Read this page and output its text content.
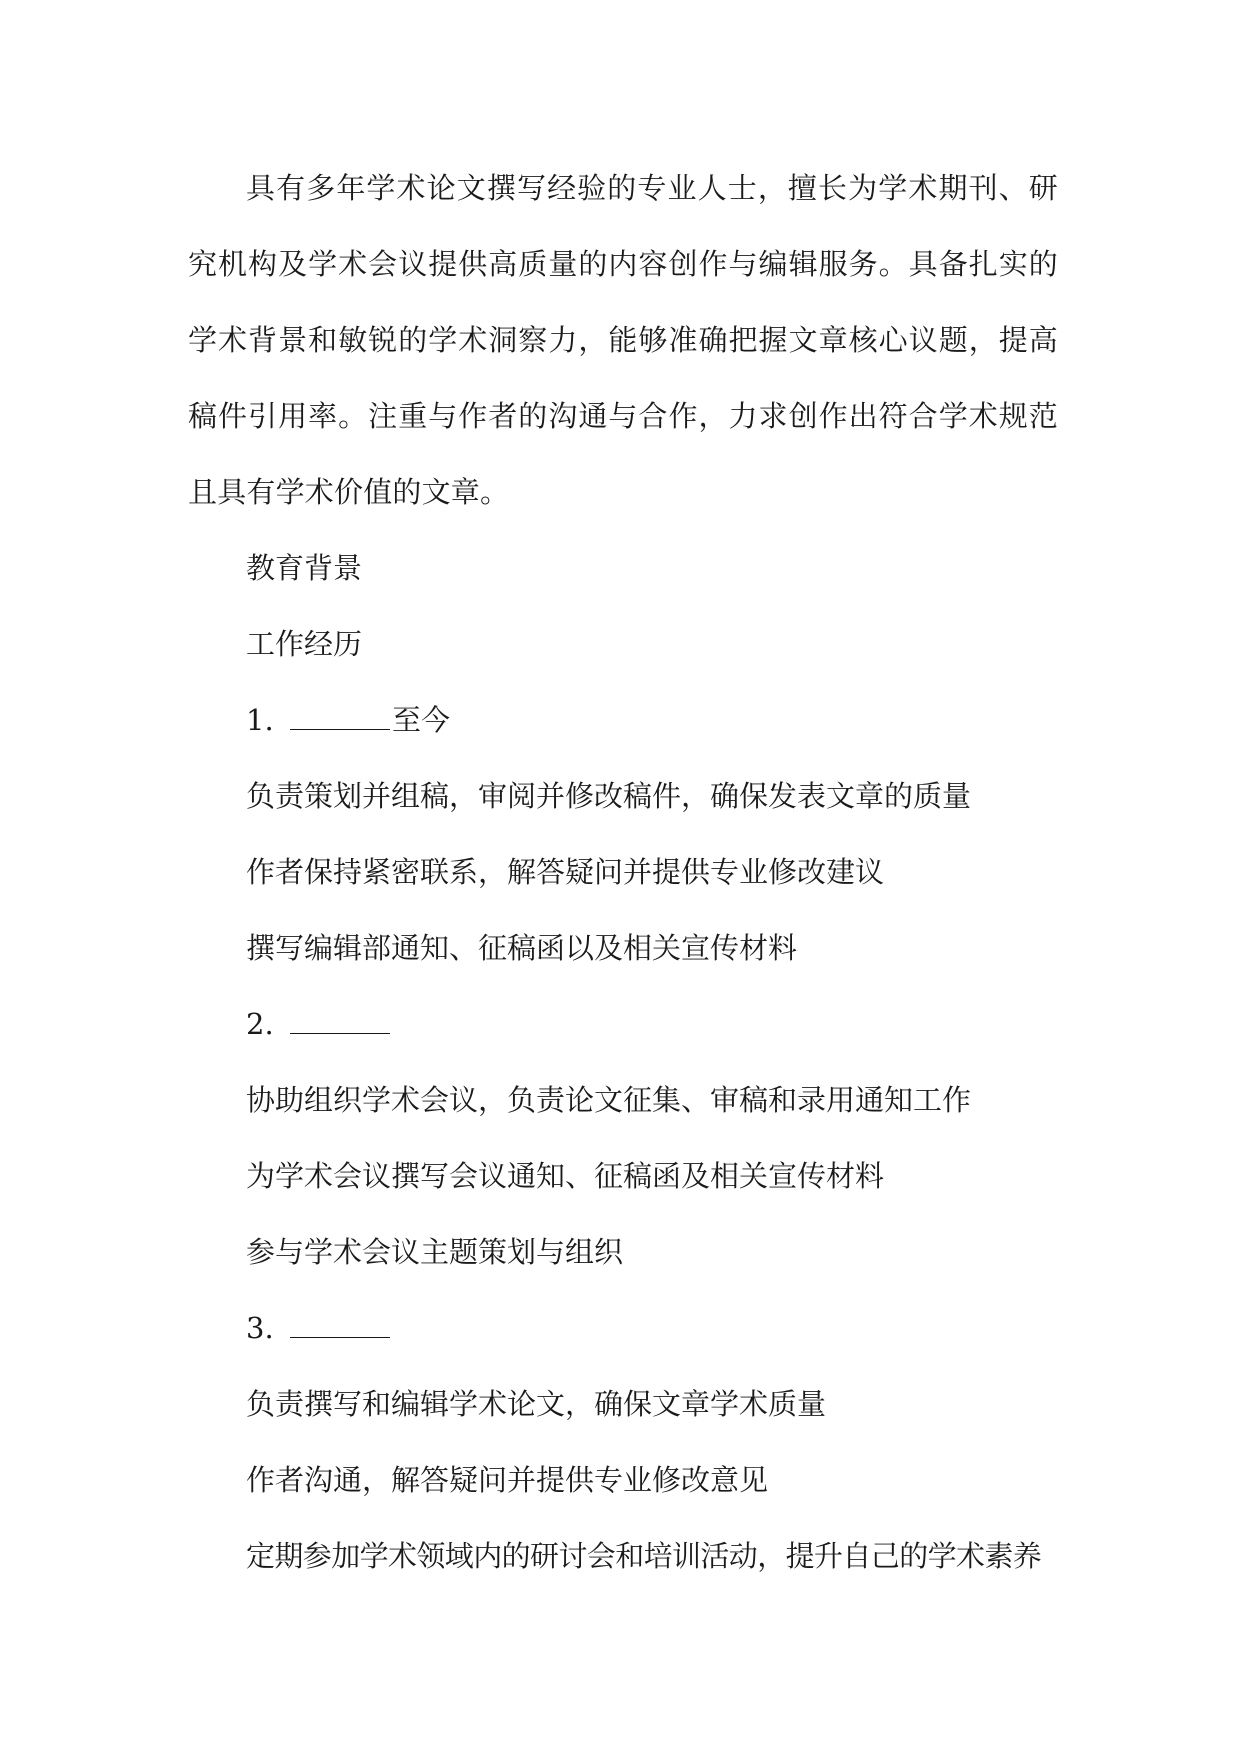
具有多年学术论文撰写经验的专业人士，擅长为学术期刊、研究机构及学术会议提供高质量的内容创作与编辑服务。具备扎实的学术背景和敏锐的学术洞察力，能够准确把握文章核心议题，提高稿件引用率。注重与作者的沟通与合作，力求创作出符合学术规范且具有学术价值的文章。

教育背景

工作经历

1.	至今

负责策划并组稿，审阅并修改稿件，确保发表文章的质量

作者保持紧密联系，解答疑问并提供专业修改建议

撰写编辑部通知、征稿函以及相关宣传材料

2.

协助组织学术会议，负责论文征集、审稿和录用通知工作

为学术会议撰写会议通知、征稿函及相关宣传材料

参与学术会议主题策划与组织

3.

负责撰写和编辑学术论文，确保文章学术质量

作者沟通，解答疑问并提供专业修改意见

定期参加学术领域内的研讨会和培训活动，提升自己的学术素养
